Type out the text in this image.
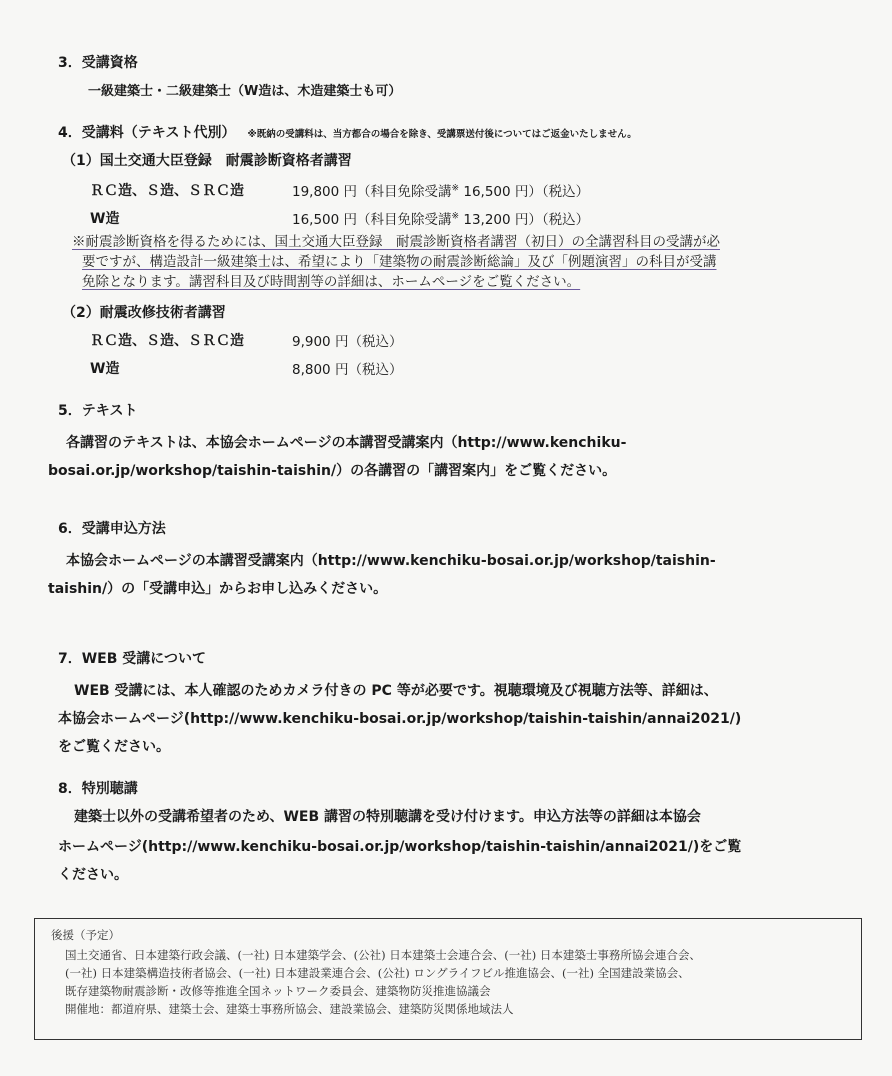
3．受講資格
一級建築士・二級建築士（W造は、木造建築士も可）
4．受講料（テキスト代別） ※既納の受講料は、当方都合の場合を除き、受講票送付後についてはご返金いたしません。
（1）国土交通大臣登録　耐震診断資格者講習
ＲＣ造、Ｓ造、ＳＲＣ造	19,800 円（科目免除受講※ 16,500 円）（税込）
W造	16,500 円（科目免除受講※ 13,200 円）（税込）
※耐震診断資格を得るためには、国土交通大臣登録　耐震診断資格者講習（初日）の全講習科目の受講が必
要ですが、構造設計一級建築士は、希望により「建築物の耐震診断総論」及び「例題演習」の科目が受講
免除となります。講習科目及び時間割等の詳細は、ホームページをご覧ください。
（2）耐震改修技術者講習
ＲＣ造、Ｓ造、ＳＲＣ造	9,900 円（税込）
W造	8,800 円（税込）
5．テキスト
各講習のテキストは、本協会ホームページの本講習受講案内（http://www.kenchiku-
bosai.or.jp/workshop/taishin-taishin/）の各講習の「講習案内」をご覧ください。
6．受講申込方法
本協会ホームページの本講習受講案内（http://www.kenchiku-bosai.or.jp/workshop/taishin-
taishin/）の「受講申込」からお申し込みください。
7．WEB 受講について
WEB 受講には、本人確認のためカメラ付きの PC 等が必要です。視聴環境及び視聴方法等、詳細は、
本協会ホームページ(http://www.kenchiku-bosai.or.jp/workshop/taishin-taishin/annai2021/)
をご覧ください。
8．特別聴講
建築士以外の受講希望者のため、WEB 講習の特別聴講を受け付けます。申込方法等の詳細は本協会
ホームページ(http://www.kenchiku-bosai.or.jp/workshop/taishin-taishin/annai2021/)をご覧
ください。
後援（予定）
国土交通省、日本建築行政会議、(一社) 日本建築学会、(公社) 日本建築士会連合会、(一社) 日本建築士事務所協会連合会、
(一社) 日本建築構造技術者協会、(一社) 日本建設業連合会、(公社) ロングライフビル推進協会、(一社) 全国建設業協会、
既存建築物耐震診断・改修等推進全国ネットワーク委員会、建築物防災推進協議会
開催地：都道府県、建築士会、建築士事務所協会、建設業協会、建築防災関係地域法人
